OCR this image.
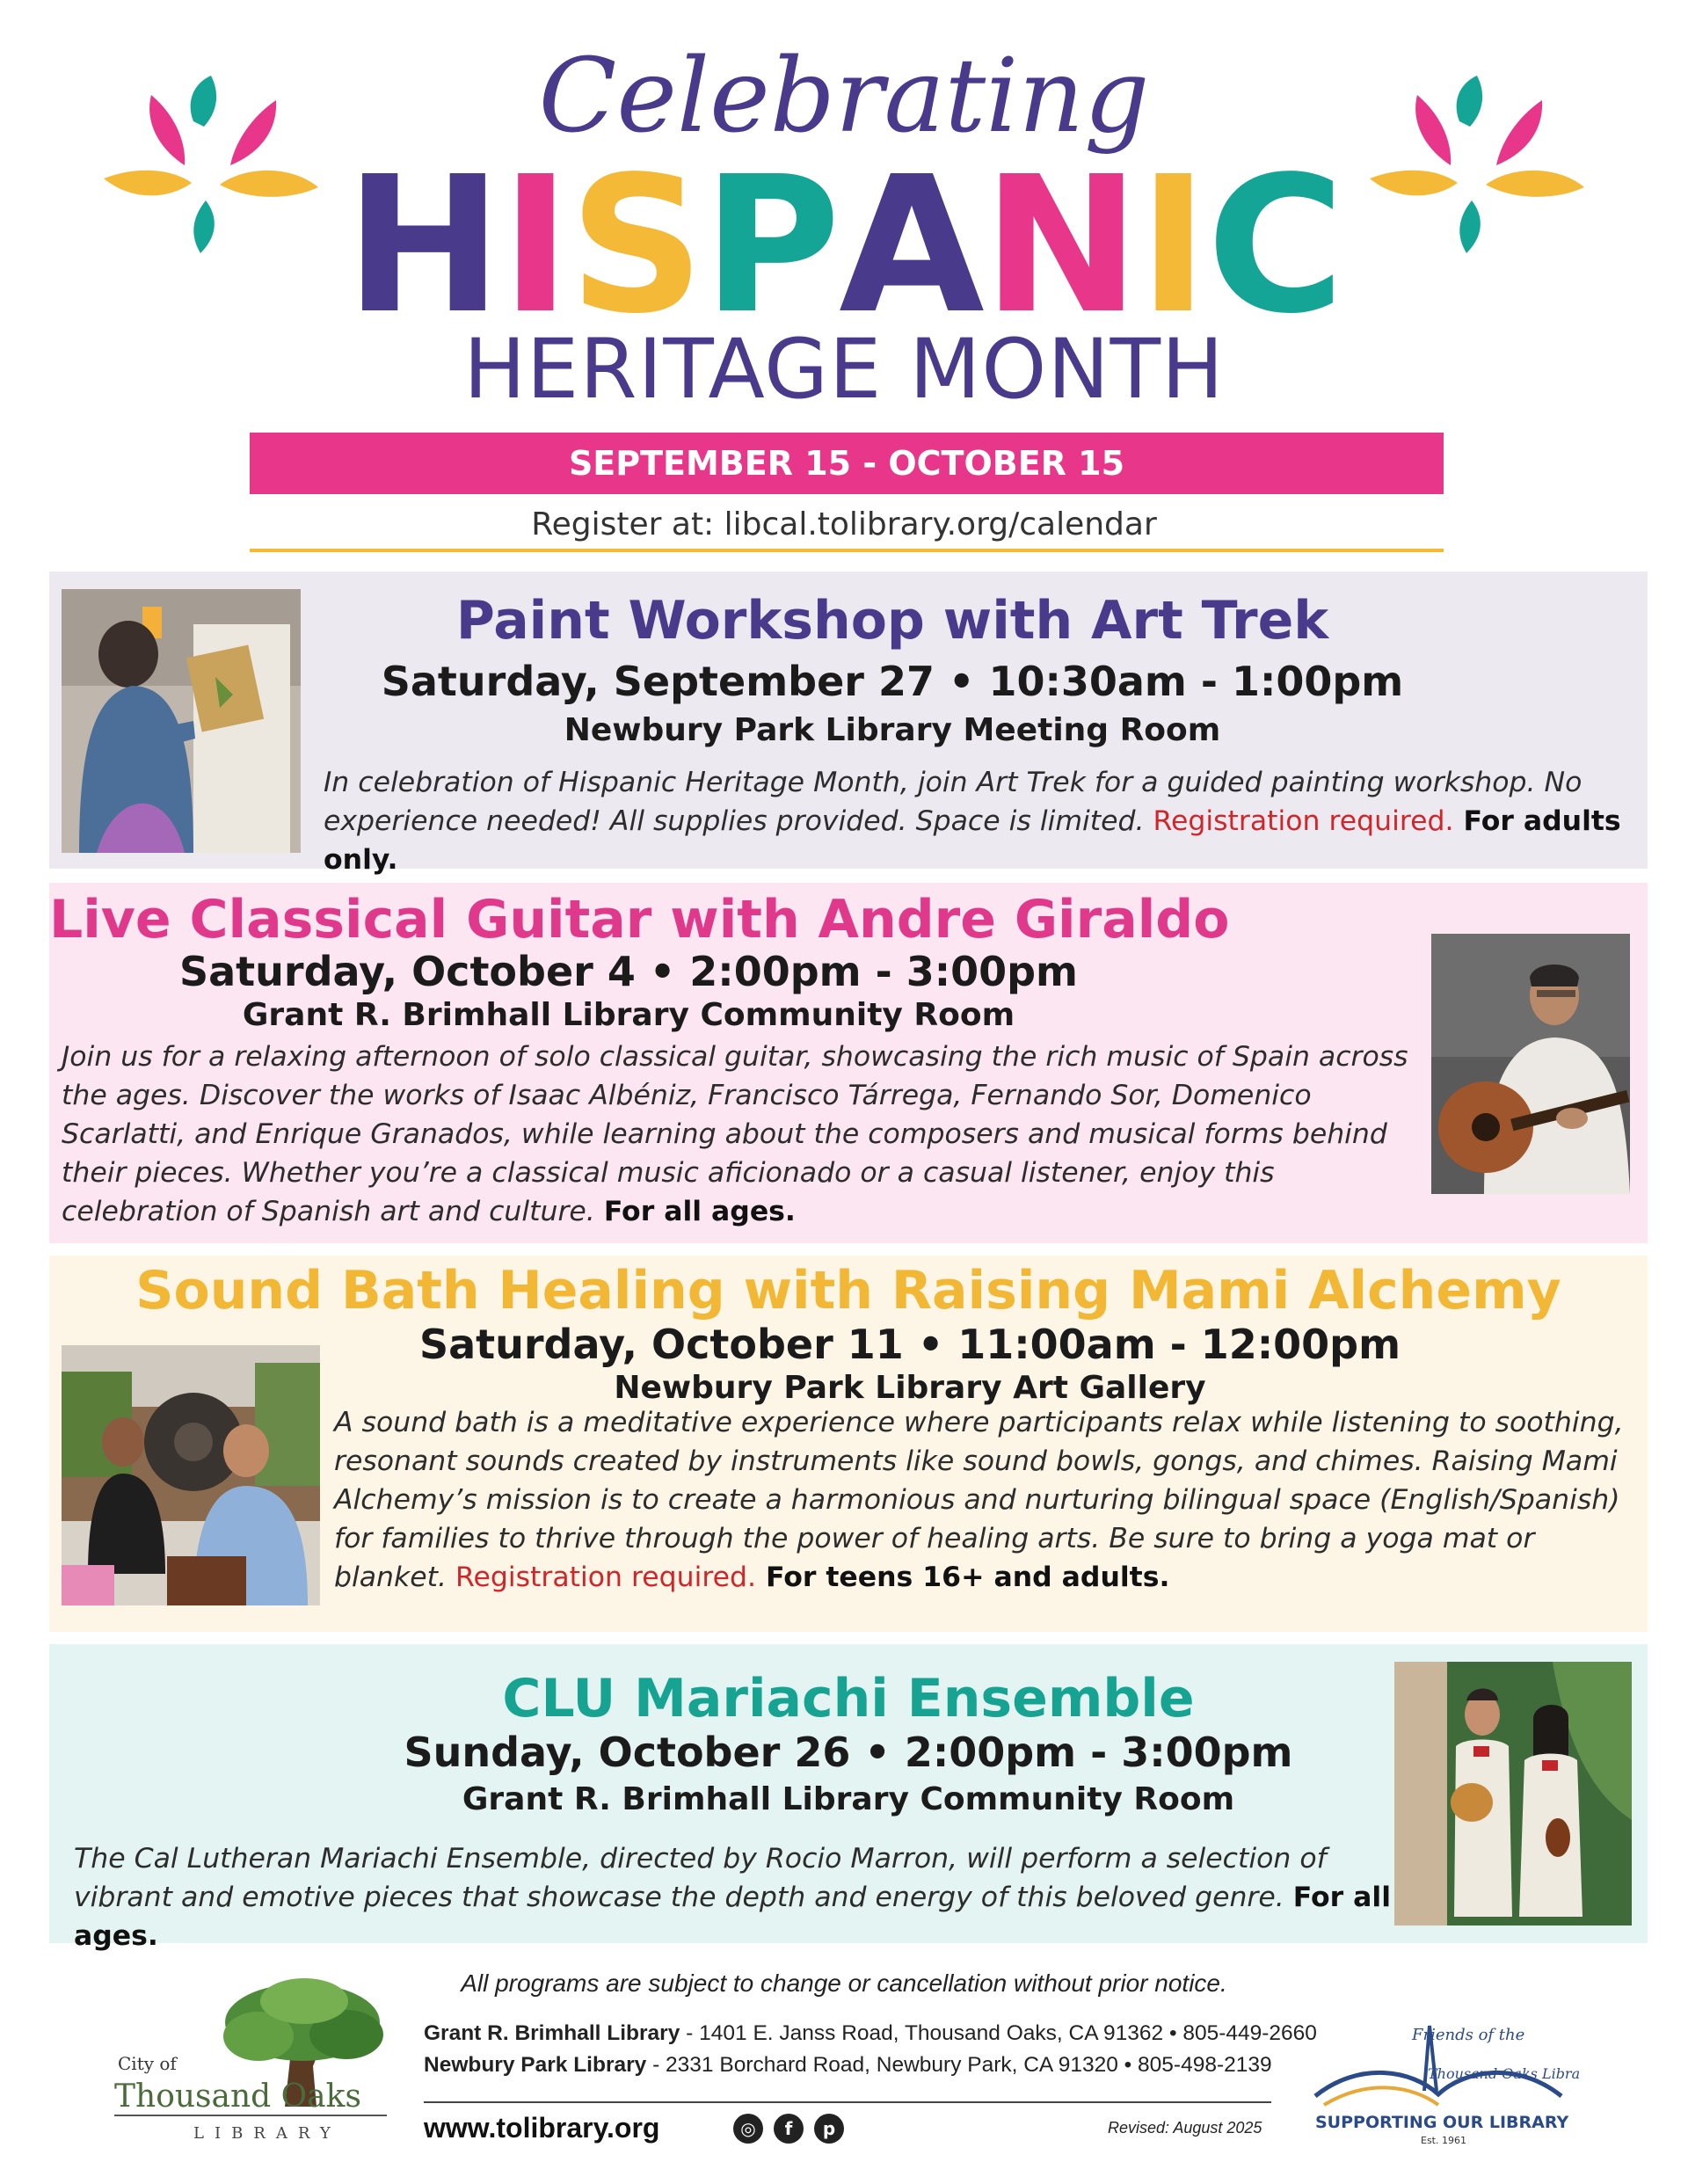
Celebrating
HISPANIC
HERITAGE MONTH
SEPTEMBER 15 - OCTOBER 15
Register at: libcal.tolibrary.org/calendar
Paint Workshop with Art Trek
Saturday, September 27 • 10:30am - 1:00pm
Newbury Park Library Meeting Room
In celebration of Hispanic Heritage Month, join Art Trek for a guided painting workshop. No experience needed! All supplies provided. Space is limited. Registration required. For adults only.
Live Classical Guitar with Andre Giraldo
Saturday, October 4 • 2:00pm - 3:00pm
Grant R. Brimhall Library Community Room
Join us for a relaxing afternoon of solo classical guitar, showcasing the rich music of Spain across the ages. Discover the works of Isaac Albéniz, Francisco Tárrega, Fernando Sor, Domenico Scarlatti, and Enrique Granados, while learning about the composers and musical forms behind their pieces. Whether you’re a classical music aficionado or a casual listener, enjoy this celebration of Spanish art and culture. For all ages.
Sound Bath Healing with Raising Mami Alchemy
Saturday, October 11 • 11:00am - 12:00pm
Newbury Park Library Art Gallery
A sound bath is a meditative experience where participants relax while listening to soothing, resonant sounds created by instruments like sound bowls, gongs, and chimes. Raising Mami Alchemy’s mission is to create a harmonious and nurturing bilingual space (English/Spanish) for families to thrive through the power of healing arts. Be sure to bring a yoga mat or blanket. Registration required. For teens 16+ and adults.
CLU Mariachi Ensemble
Sunday, October 26 • 2:00pm - 3:00pm
Grant R. Brimhall Library Community Room
The Cal Lutheran Mariachi Ensemble, directed by Rocio Marron, will perform a selection of vibrant and emotive pieces that showcase the depth and energy of this beloved genre. For all ages.
All programs are subject to change or cancellation without prior notice.
City of
Thousand Oaks
LIBRARY
Grant R. Brimhall Library - 1401 E. Janss Road, Thousand Oaks, CA 91362 • 805-449-2660
Newbury Park Library - 2331 Borchard Road, Newbury Park, CA 91320 • 805-498-2139
www.tolibrary.org	◎	f	p	Revised: August 2025
Friends of the
Thousand Oaks Library
SUPPORTING OUR LIBRARY
Est. 1961
